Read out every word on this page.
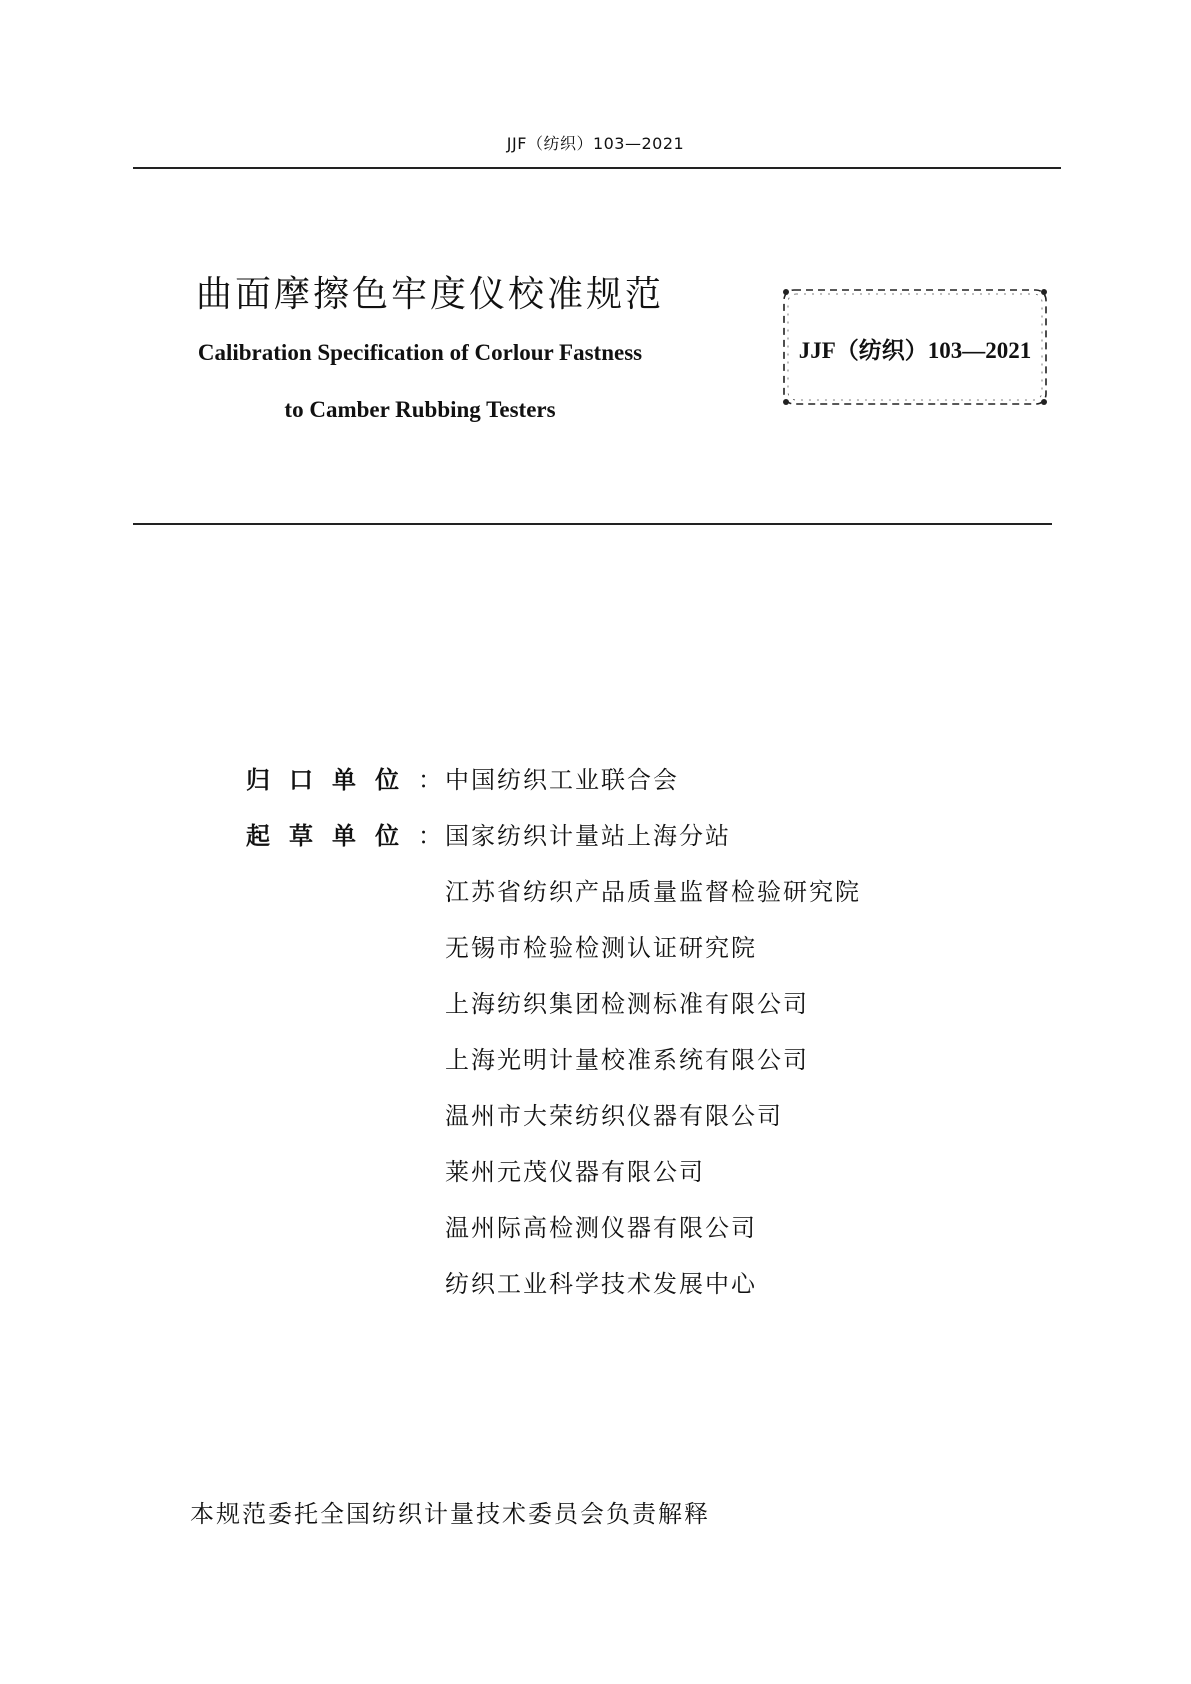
JJF（纺织）103—2021
曲面摩擦色牢度仪校准规范
Calibration Specification of Corlour Fastness
to Camber Rubbing Testers
JJF（纺织）103—2021
归口单位 ： 中国纺织工业联合会
起草单位 ： 国家纺织计量站上海分站
江苏省纺织产品质量监督检验研究院
无锡市检验检测认证研究院
上海纺织集团检测标准有限公司
上海光明计量校准系统有限公司
温州市大荣纺织仪器有限公司
莱州元茂仪器有限公司
温州际高检测仪器有限公司
纺织工业科学技术发展中心
本规范委托全国纺织计量技术委员会负责解释
